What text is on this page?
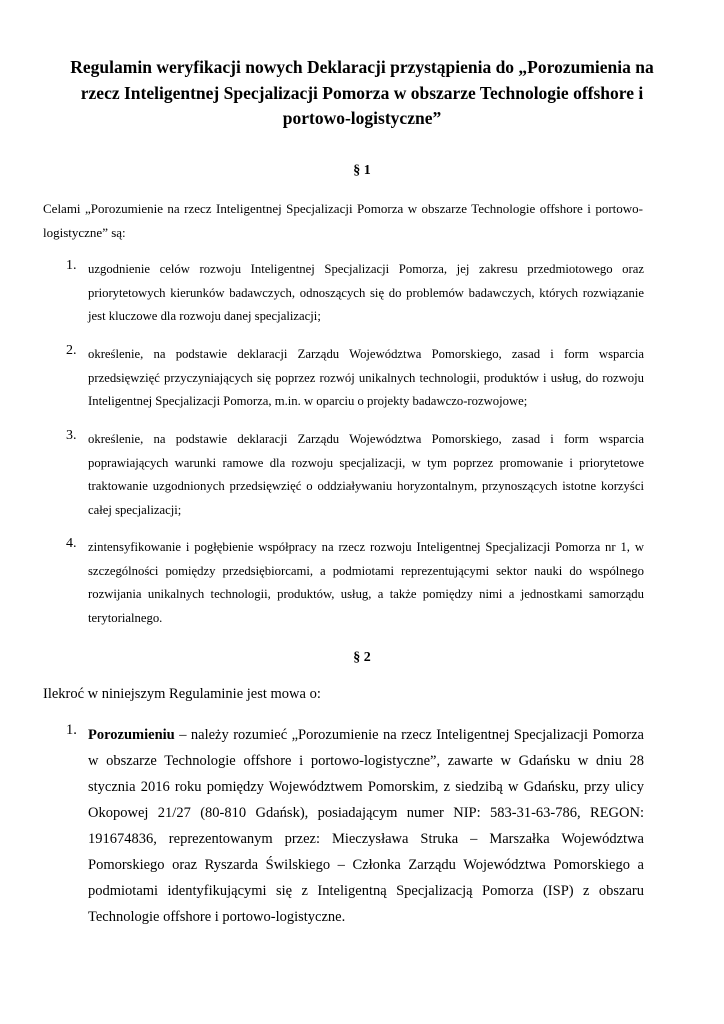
Regulamin weryfikacji nowych Deklaracji przystąpienia do „Porozumienia na rzecz Inteligentnej Specjalizacji Pomorza w obszarze Technologie offshore i portowo-logistyczne”
§ 1
Celami „Porozumienie na rzecz Inteligentnej Specjalizacji Pomorza w obszarze Technologie offshore i portowo-logistyczne” są:
1. uzgodnienie celów rozwoju Inteligentnej Specjalizacji Pomorza, jej zakresu przedmiotowego oraz priorytetowych kierunków badawczych, odnoszących się do problemów badawczych, których rozwiązanie jest kluczowe dla rozwoju danej specjalizacji;
2. określenie, na podstawie deklaracji Zarządu Województwa Pomorskiego, zasad i form wsparcia przedsięwzięć przyczyniających się poprzez rozwój unikalnych technologii, produktów i usług, do rozwoju Inteligentnej Specjalizacji Pomorza, m.in. w oparciu o projekty badawczo-rozwojowe;
3. określenie, na podstawie deklaracji Zarządu Województwa Pomorskiego, zasad i form wsparcia poprawiających warunki ramowe dla rozwoju specjalizacji, w tym poprzez promowanie i priorytetowe traktowanie uzgodnionych przedsięwzięć o oddziaływaniu horyzontalnym, przynoszących istotne korzyści całej specjalizacji;
4. zintensyfikowanie i pogłębienie współpracy na rzecz rozwoju Inteligentnej Specjalizacji Pomorza nr 1, w szczególności pomiędzy przedsiębiorcami, a podmiotami reprezentującymi sektor nauki do wspólnego rozwijania unikalnych technologii, produktów, usług, a także pomiędzy nimi a jednostkami samorządu terytorialnego.
§ 2
Ilekroć w niniejszym Regulaminie jest mowa o:
1. Porozumieniu – należy rozumieć „Porozumienie na rzecz Inteligentnej Specjalizacji Pomorza w obszarze Technologie offshore i portowo-logistyczne”, zawarte w Gdańsku w dniu 28 stycznia 2016 roku pomiędzy Województwem Pomorskim, z siedzibą w Gdańsku, przy ulicy Okopowej 21/27 (80-810 Gdańsk), posiadającym numer NIP: 583-31-63-786, REGON: 191674836, reprezentowanym przez: Mieczysława Struka – Marszałka Województwa Pomorskiego oraz Ryszarda Świlskiego – Członka Zarządu Województwa Pomorskiego a podmiotami identyfikującymi się z Inteligentną Specjalizacją Pomorza (ISP) z obszaru Technologie offshore i portowo-logistyczne.
